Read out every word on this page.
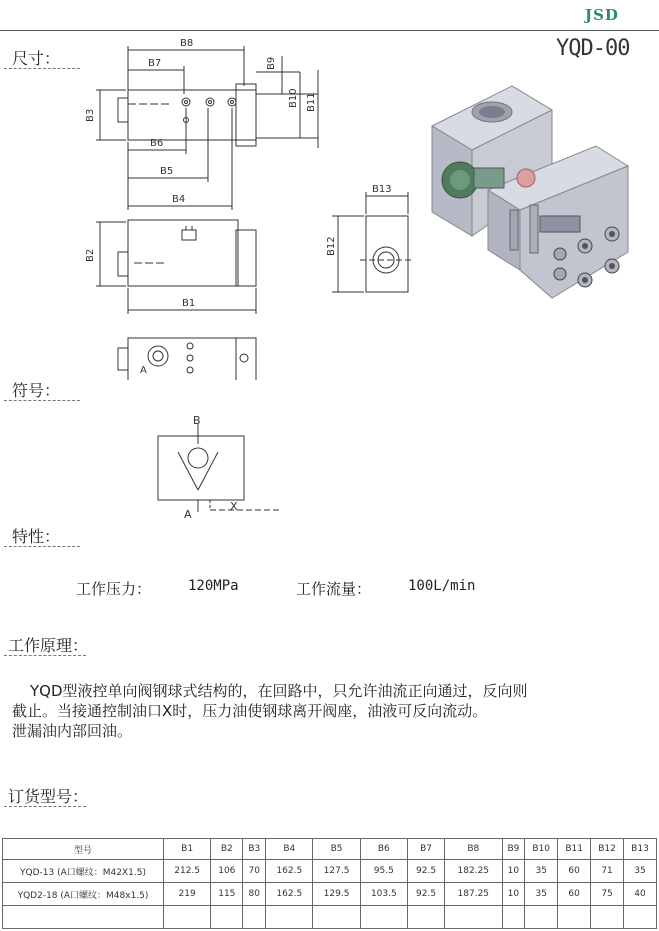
JSD
YQD-00
尺寸：
B8
B7	B9
B10 B11
B3
B6
B5
B4
B2
B1
B13
B12
A
符号：
B
A
X
特性：
工作压力：	120MPa	工作流量：	100L/min
工作原理：

YQD型液控单向阀钢球式结构的，在回路中，只允许油流正向通过，反向则

截止。当接通控制油口X时，压力油使钢球离开阀座，油液可反向流动。

泄漏油内部回油。

订货型号：
型号	B1	B2	B3	B4	B5	B6	B7	B8	B9	B10	B11	B12	B13
YQD-13 (A口螺纹：M42X1.5)	212.5	106	70	162.5	127.5	95.5	92.5	182.25	10	35	60	71	35
YQD2-18 (A口螺纹：M48x1.5)	219	115	80	162.5	129.5	103.5	92.5	187.25	10	35	60	75	40
